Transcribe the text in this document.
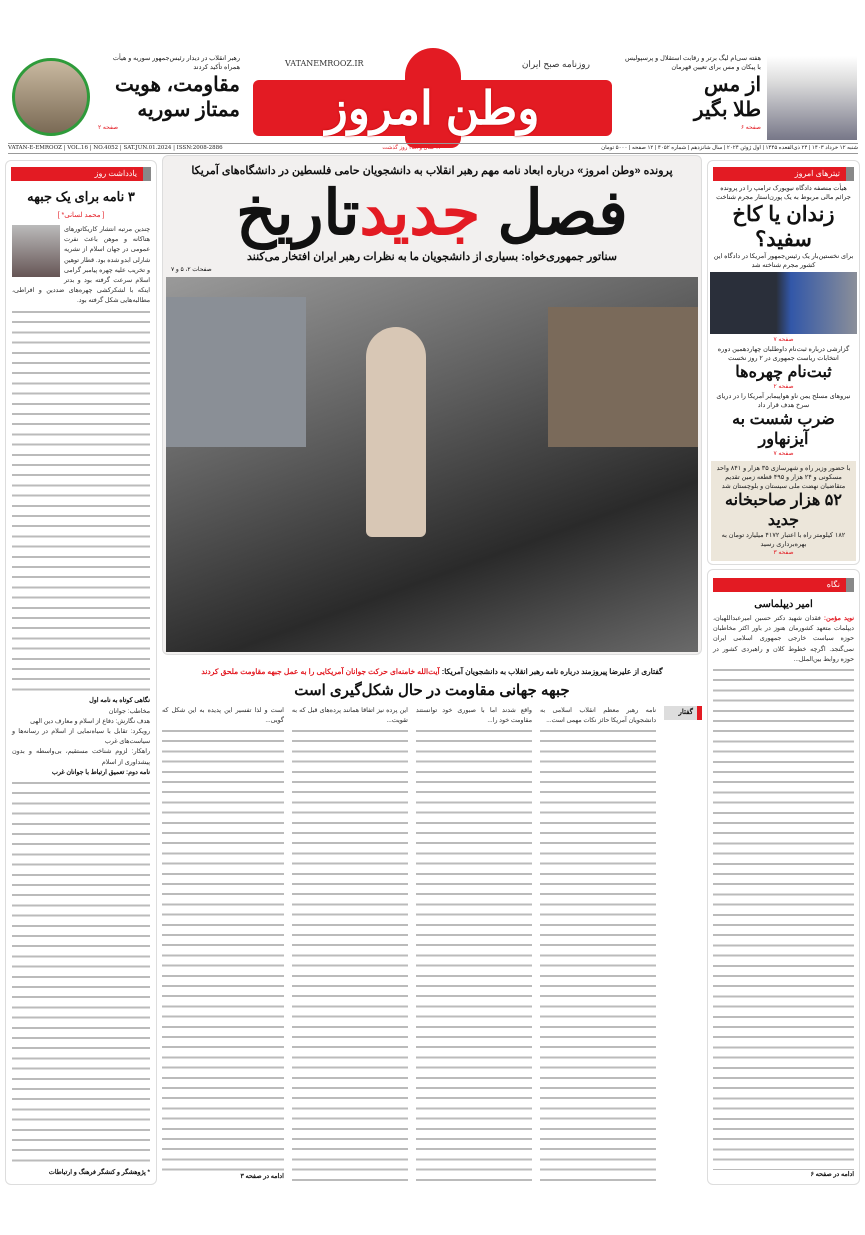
هفته سی‌ام لیگ برتر و رقابت استقلال و پرسپولیس با پیکان و مس برای تعیین قهرمان
از مس
طلا بگیر
صفحه ۶
وطن امروز
روزنامه صبح ایران
VATANEMROOZ.IR
رهبر انقلاب در دیدار رئیس‌جمهور سوریه و هیأت همراه تأکید کردند
مقاومت، هویت
ممتاز سوریه
صفحه ۲
شنبه ۱۲ خرداد ۱۴۰۳ | ۲۴ ذی‌القعده ۱۴۴۵ | اول ژوئن ۲۰۲۴ | سال شانزدهم | شماره ۴۰۵۲ | ۱۲ صفحه | ۵۰۰۰ تومان
۱۶ سال و ۲۵۸ روز گذشت
VATAN-E-EMROOZ | VOL.16 | NO.4052 | SAT.JUN.01.2024 | ISSN:2008-2886
یادداشت روز
۳ نامه برای یک جبهه
[ محمد لسانی* ]
چندین مرتبه انتشار کاریکاتورهای هتاکانه و موهن باعث نفرت عمومی در جهان اسلام از نشریه شارلی ابدو شده بود. قطار توهین و تخریب علیه چهره پیامبر گرامی اسلام سرعت گرفته بود و بدتر اینکه با لشکرکشی چهره‌های ضددین و افراطی، مطالبه‌هایی شکل گرفته بود.
نگاهی کوتاه به نامه اول
مخاطب: جوانان
هدف نگارش: دفاع از اسلام و معارف دین الهی
رویکرد: تقابل با سیاه‌نمایی از اسلام در رسانه‌ها و سیاست‌های غرب
راهکار: لزوم شناخت مستقیم، بی‌واسطه و بدون پیشداوری از اسلام
نامه دوم: تعمیق ارتباط با جوانان غرب
* پژوهشگر و کنشگر فرهنگ و ارتباطات
پرونده «وطن امروز» درباره ابعاد نامه مهم رهبر انقلاب به دانشجویان حامی فلسطین در دانشگاه‌های آمریکا
فصل جدیدتاریخ
سناتور جمهوری‌خواه: بسیاری از دانشجویان ما به نظرات رهبر ایران افتخار می‌کنند
صفحات ۲، ۵ و ۷
گفتاری از علیرضا پیروزمند درباره نامه رهبر انقلاب به دانشجویان آمریکا: آیت‌الله خامنه‌ای حرکت جوانان آمریکایی را به عمل جبهه مقاومت ملحق کردند
جبهه جهانی مقاومت در حال شکل‌گیری است
گفتار
نامه رهبر معظم انقلاب اسلامی به دانشجویان آمریکا حائز نکات مهمی است...
واقع شدند اما با صبوری خود توانستند مقاومت خود را...
این پرده نیز اتفاقا همانند پرده‌های قبل که به تقویت...
است و لذا تفسیر این پدیده به این شکل که گویی...
ادامه در صفحه ۳
تیترهای امروز
هیأت منصفه دادگاه نیویورک ترامپ را در پرونده جرائم مالی مربوط به یک پورن‌استار مجرم شناخت
زندان یا کاخ سفید؟
برای نخستین‌بار یک رئیس‌جمهور آمریکا در دادگاه این کشور مجرم شناخته شد
صفحه ۷
گزارشی درباره ثبت‌نام داوطلبان چهاردهمین دوره انتخابات ریاست جمهوری در ۲ روز نخست
ثبت‌نام چهره‌ها
صفحه ۲
نیروهای مسلح یمن ناو هواپیمابر آمریکا را در دریای سرخ هدف قرار داد
ضرب شست به آیزنهاور
صفحه ۷
با حضور وزیر راه و شهرسازی ۳۵ هزار و ۸۴۱ واحد مسکونی و ۲۴ هزار و ۴۹۵ قطعه زمین تقدیم متقاضیان نهضت ملی سیستان و بلوچستان شد
۵۲ هزار صاحبخانه جدید
۱۸۲ کیلومتر راه با اعتبار ۴۱۷۲ میلیارد تومان به بهره‌برداری رسید
صفحه ۳
نگاه
امیر دیپلماسی
نوید مؤمن: فقدان شهید دکتر حسین امیرعبداللهیان، دیپلمات متعهد کشورمان هنوز در باور اکثر مخاطبان حوزه سیاست خارجی جمهوری اسلامی ایران نمی‌گنجد. اگرچه خطوط کلان و راهبردی کشور در حوزه روابط بین‌الملل...
ادامه در صفحه ۶
